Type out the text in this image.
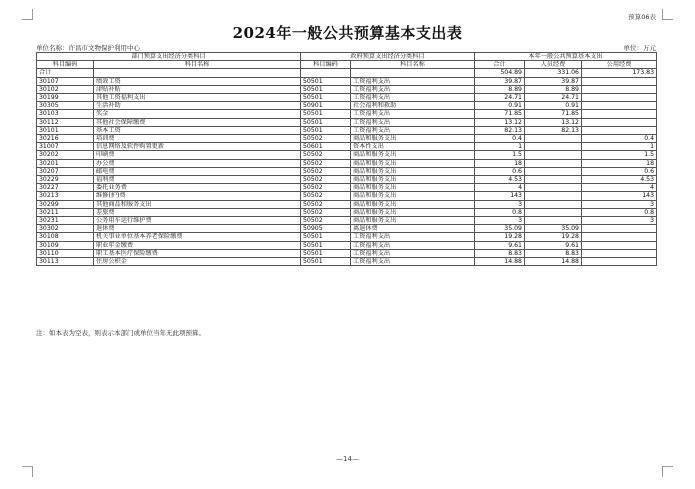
预算06表
2024年一般公共预算基本支出表
单位名称：许昌市文物保护利用中心	单位：万元
部门预算支出经济分类科目		政府预算支出经济分类科目		本年一般公共预算基本支出		
科目编码	科目名称	科目编码	科目名称	合计	人员经费	公用经费
合计				504.89	331.06	173.83
30107	绩效工资	50501	工资福利支出	39.87	39.87	
30102	津贴补贴	50501	工资福利支出	8.89	8.89	
30199	其他工资福利支出	50501	工资福利支出	24.71	24.71	
30305	生活补助	50901	社会福利和救助	0.91	0.91	
30103	奖金	50501	工资福利支出	71.85	71.85	
30112	其他社会保障缴费	50501	工资福利支出	13.12	13.12	
30101	基本工资	50501	工资福利支出	82.13	82.13	
30216	培训费	50502	商品和服务支出	0.4		0.4
31007	信息网络及软件购置更新	50601	资本性支出	1		1
30202	印刷费	50502	商品和服务支出	1.5		1.5
30201	办公费	50502	商品和服务支出	18		18
30207	邮电费	50502	商品和服务支出	0.6		0.6
30229	福利费	50502	商品和服务支出	4.53		4.53
30227	委托业务费	50502	商品和服务支出	4		4
30213	维修(护)费	50502	商品和服务支出	143		143
30299	其他商品和服务支出	50502	商品和服务支出	3		3
30211	差旅费	50502	商品和服务支出	0.8		0.8
30231	公务用车运行维护费	50502	商品和服务支出	3		3
30302	退休费	50905	离退休费	35.09	35.09	
30108	机关事业单位基本养老保险缴费	50501	工资福利支出	19.28	19.28	
30109	职业年金缴费	50501	工资福利支出	9.61	9.61	
30110	职工基本医疗保险缴费	50501	工资福利支出	8.83	8.83	
30113	住房公积金	50501	工资福利支出	14.88	14.88	
注：如本表为空表，则表示本部门或单位当年无此项预算。
—14—
